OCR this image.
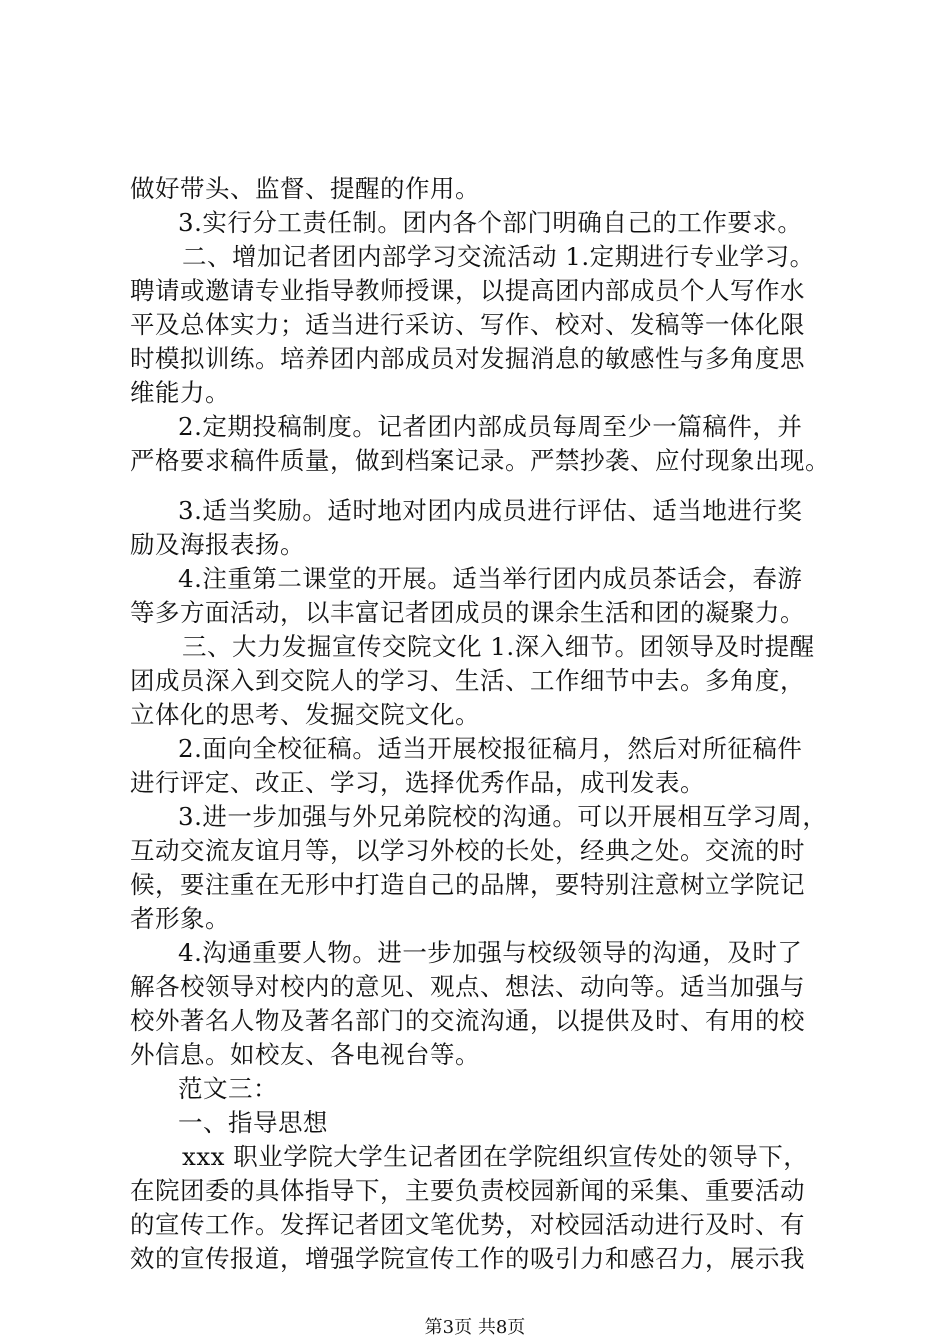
做好带头、监督、提醒的作用。
3.实行分工责任制。团内各个部门明确自己的工作要求。
二、增加记者团内部学习交流活动 1.定期进行专业学习。
聘请或邀请专业指导教师授课，以提高团内部成员个人写作水
平及总体实力；适当进行采访、写作、校对、发稿等一体化限
时模拟训练。培养团内部成员对发掘消息的敏感性与多角度思
维能力。
2.定期投稿制度。记者团内部成员每周至少一篇稿件，并
严格要求稿件质量，做到档案记录。严禁抄袭、应付现象出现。
3.适当奖励。适时地对团内成员进行评估、适当地进行奖
励及海报表扬。
4.注重第二课堂的开展。适当举行团内成员茶话会，春游
等多方面活动，以丰富记者团成员的课余生活和团的凝聚力。
三、大力发掘宣传交院文化 1.深入细节。团领导及时提醒
团成员深入到交院人的学习、生活、工作细节中去。多角度，
立体化的思考、发掘交院文化。
2.面向全校征稿。适当开展校报征稿月，然后对所征稿件
进行评定、改正、学习，选择优秀作品，成刊发表。
3.进一步加强与外兄弟院校的沟通。可以开展相互学习周，
互动交流友谊月等，以学习外校的长处，经典之处。交流的时
候，要注重在无形中打造自己的品牌，要特别注意树立学院记
者形象。
4.沟通重要人物。进一步加强与校级领导的沟通，及时了
解各校领导对校内的意见、观点、想法、动向等。适当加强与
校外著名人物及著名部门的交流沟通，以提供及时、有用的校
外信息。如校友、各电视台等。
范文三：
一、指导思想
xxx 职业学院大学生记者团在学院组织宣传处的领导下，
在院团委的具体指导下，主要负责校园新闻的采集、重要活动
的宣传工作。发挥记者团文笔优势，对校园活动进行及时、有
效的宣传报道，增强学院宣传工作的吸引力和感召力，展示我
第3页 共8页
